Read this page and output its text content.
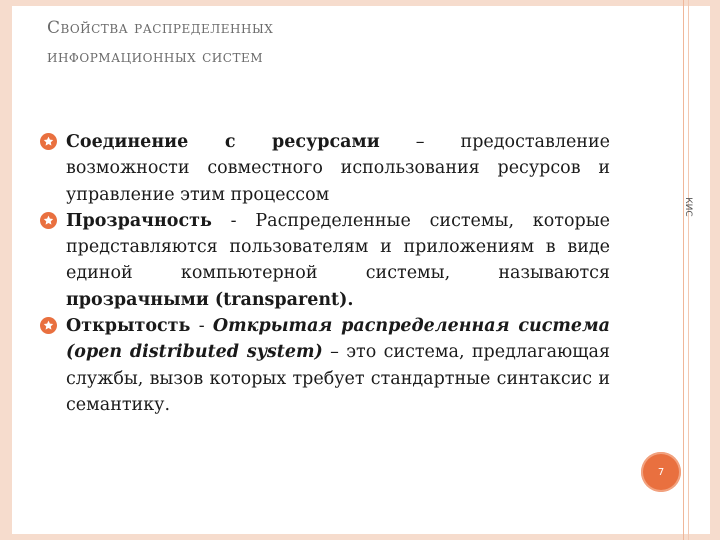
Свойства распределенных
информационных систем
КИС
7
Соединение с ресурсами – предоставление возможности совместного использования ресурсов и управление этим процессом
Прозрачность - Распределенные системы, которые представляются пользователям и приложениям в виде единой компьютерной системы, называются прозрачными (transparent).
Открытость - Открытая распределенная система (open distributed system) – это система, предлагающая службы, вызов которых требует стандартные синтаксис и семантику.
